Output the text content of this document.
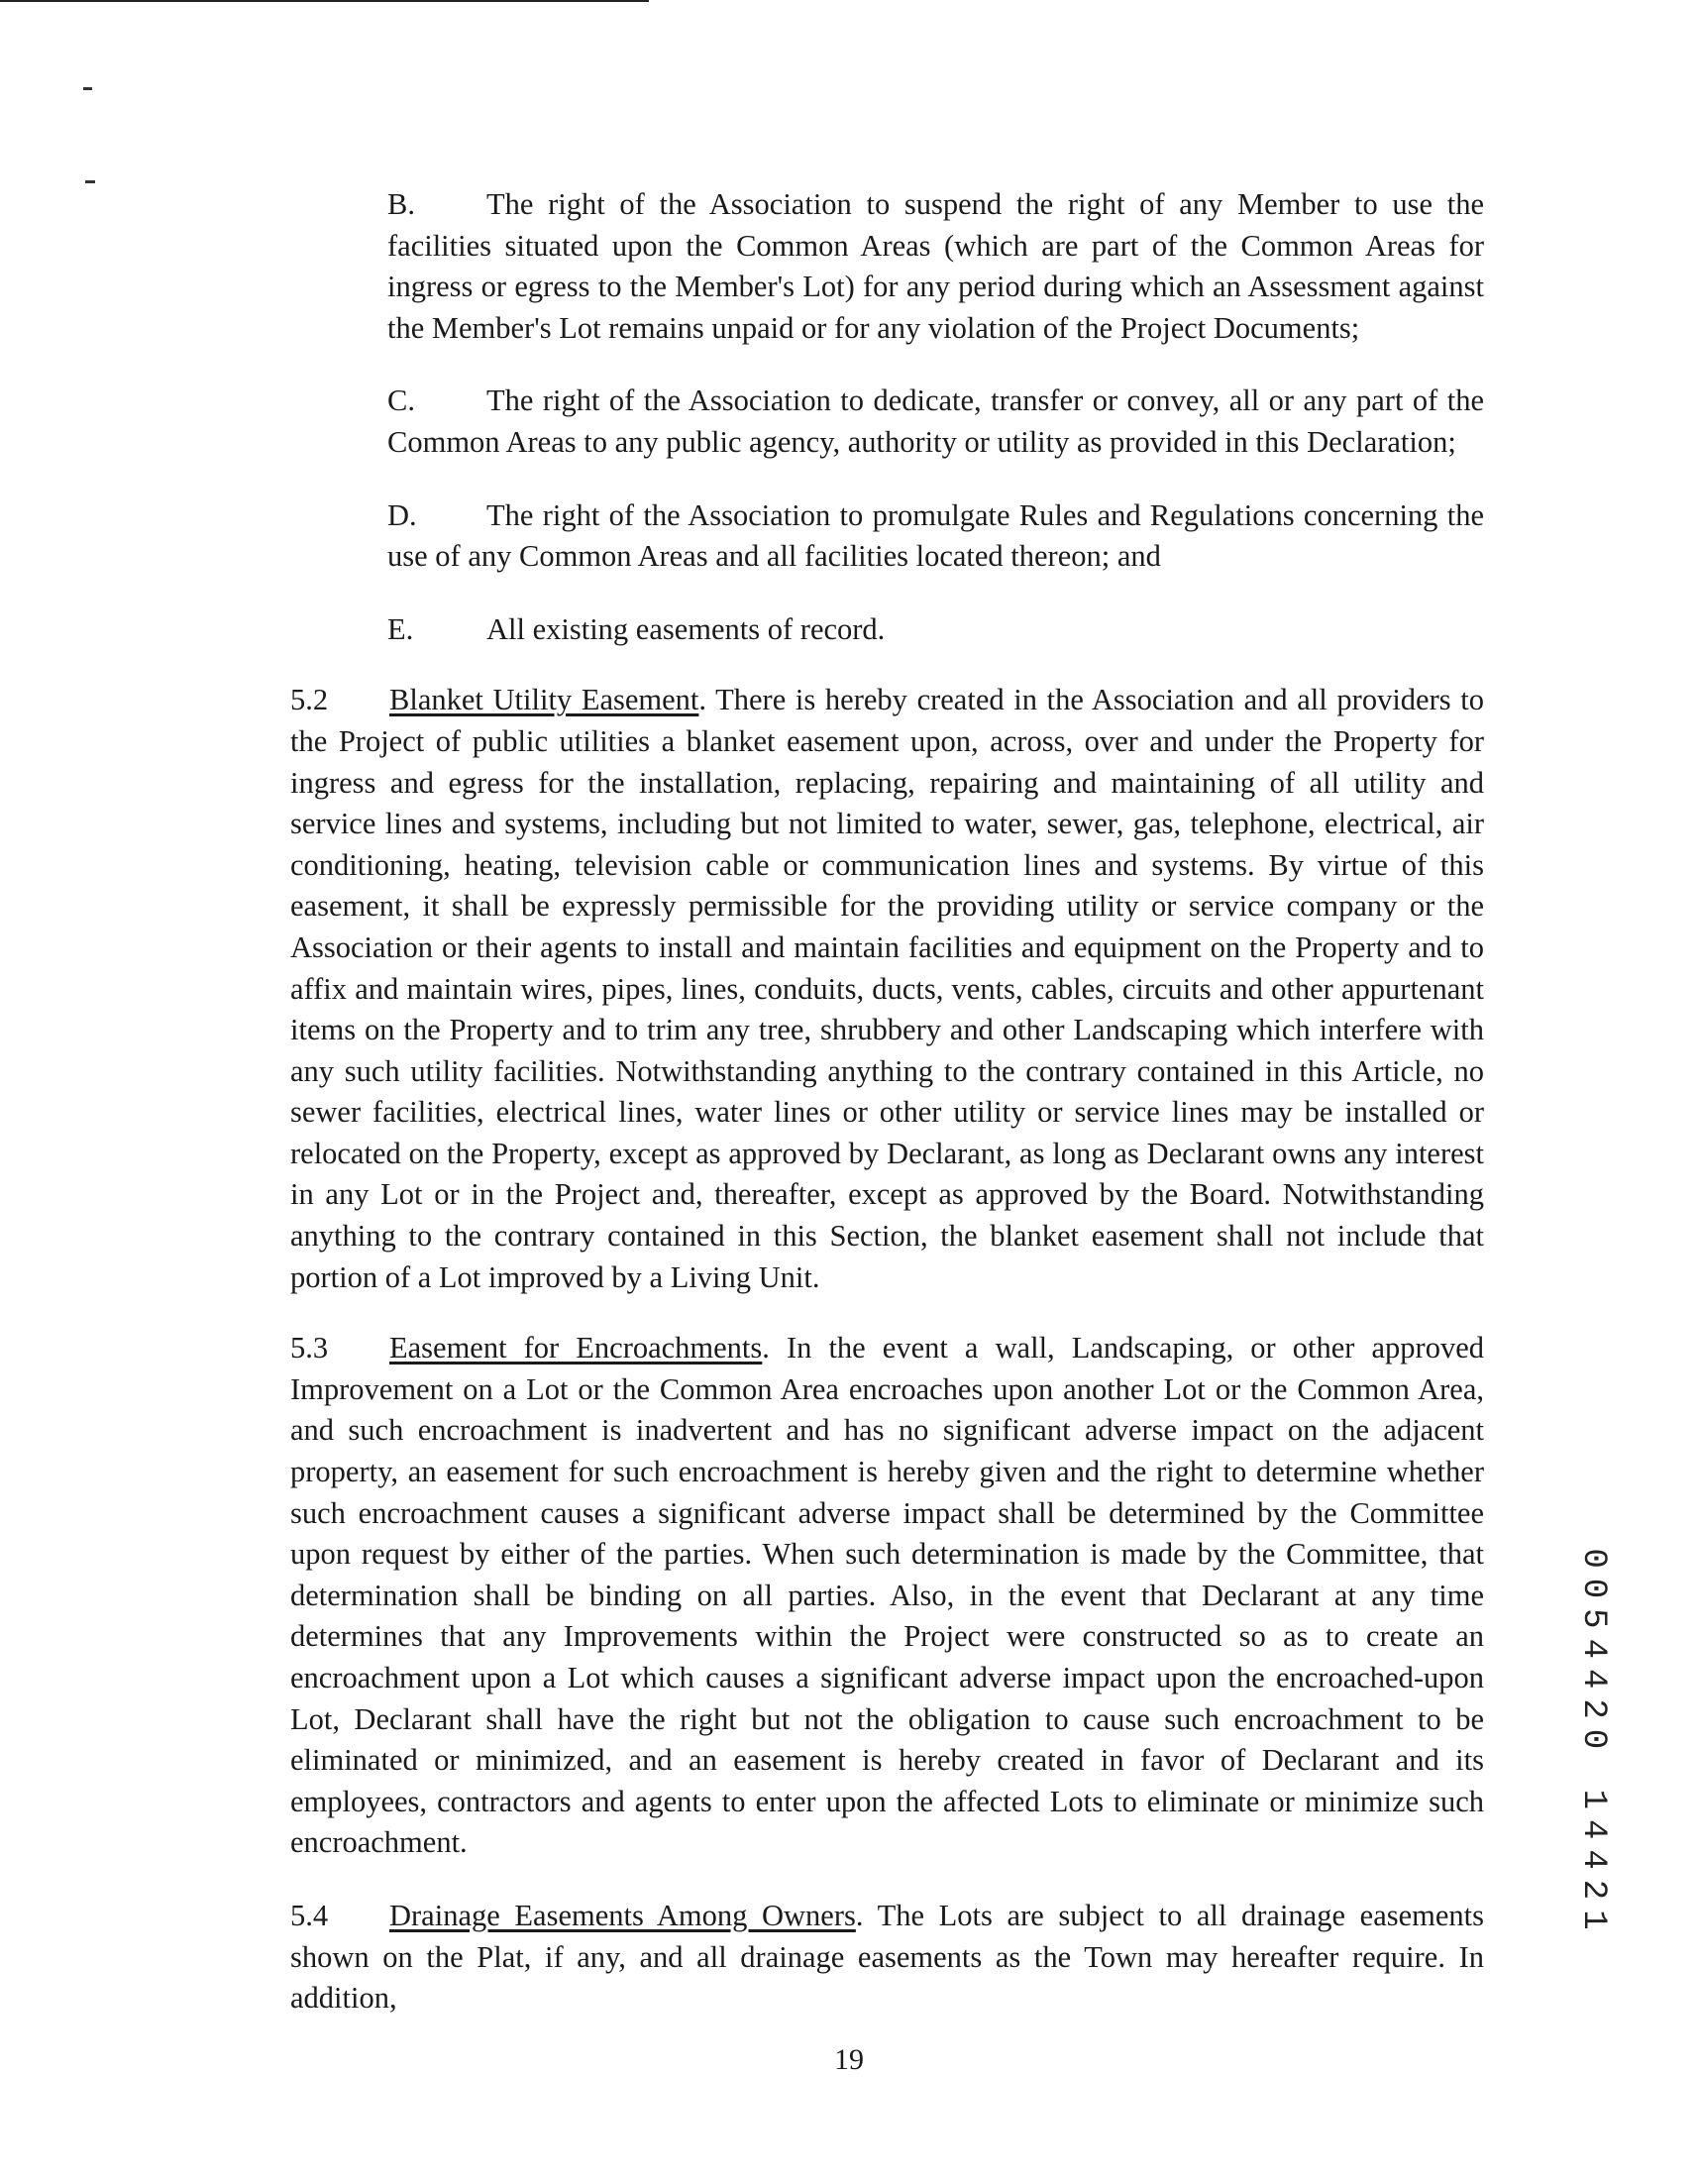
B. The right of the Association to suspend the right of any Member to use the facilities situated upon the Common Areas (which are part of the Common Areas for ingress or egress to the Member's Lot) for any period during which an Assessment against the Member's Lot remains unpaid or for any violation of the Project Documents;

C. The right of the Association to dedicate, transfer or convey, all or any part of the Common Areas to any public agency, authority or utility as provided in this Declaration;

D. The right of the Association to promulgate Rules and Regulations concerning the use of any Common Areas and all facilities located thereon; and

E. All existing easements of record.

5.2 Blanket Utility Easement. There is hereby created in the Association and all providers to the Project of public utilities a blanket easement upon, across, over and under the Property for ingress and egress for the installation, replacing, repairing and maintaining of all utility and service lines and systems, including but not limited to water, sewer, gas, telephone, electrical, air conditioning, heating, television cable or communication lines and systems. By virtue of this easement, it shall be expressly permissible for the providing utility or service company or the Association or their agents to install and maintain facilities and equipment on the Property and to affix and maintain wires, pipes, lines, conduits, ducts, vents, cables, circuits and other appurtenant items on the Property and to trim any tree, shrubbery and other Landscaping which interfere with any such utility facilities. Notwithstanding anything to the contrary contained in this Article, no sewer facilities, electrical lines, water lines or other utility or service lines may be installed or relocated on the Property, except as approved by Declarant, as long as Declarant owns any interest in any Lot or in the Project and, thereafter, except as approved by the Board. Notwithstanding anything to the contrary contained in this Section, the blanket easement shall not include that portion of a Lot improved by a Living Unit.

5.3 Easement for Encroachments. In the event a wall, Landscaping, or other approved Improvement on a Lot or the Common Area encroaches upon another Lot or the Common Area, and such encroachment is inadvertent and has no significant adverse impact on the adjacent property, an easement for such encroachment is hereby given and the right to determine whether such encroachment causes a significant adverse impact shall be determined by the Committee upon request by either of the parties. When such determination is made by the Committee, that determination shall be binding on all parties. Also, in the event that Declarant at any time determines that any Improvements within the Project were constructed so as to create an encroachment upon a Lot which causes a significant adverse impact upon the encroached-upon Lot, Declarant shall have the right but not the obligation to cause such encroachment to be eliminated or minimized, and an easement is hereby created in favor of Declarant and its employees, contractors and agents to enter upon the affected Lots to eliminate or minimize such encroachment.

5.4 Drainage Easements Among Owners. The Lots are subject to all drainage easements shown on the Plat, if any, and all drainage easements as the Town may hereafter require. In addition,

19
0054420 14421
